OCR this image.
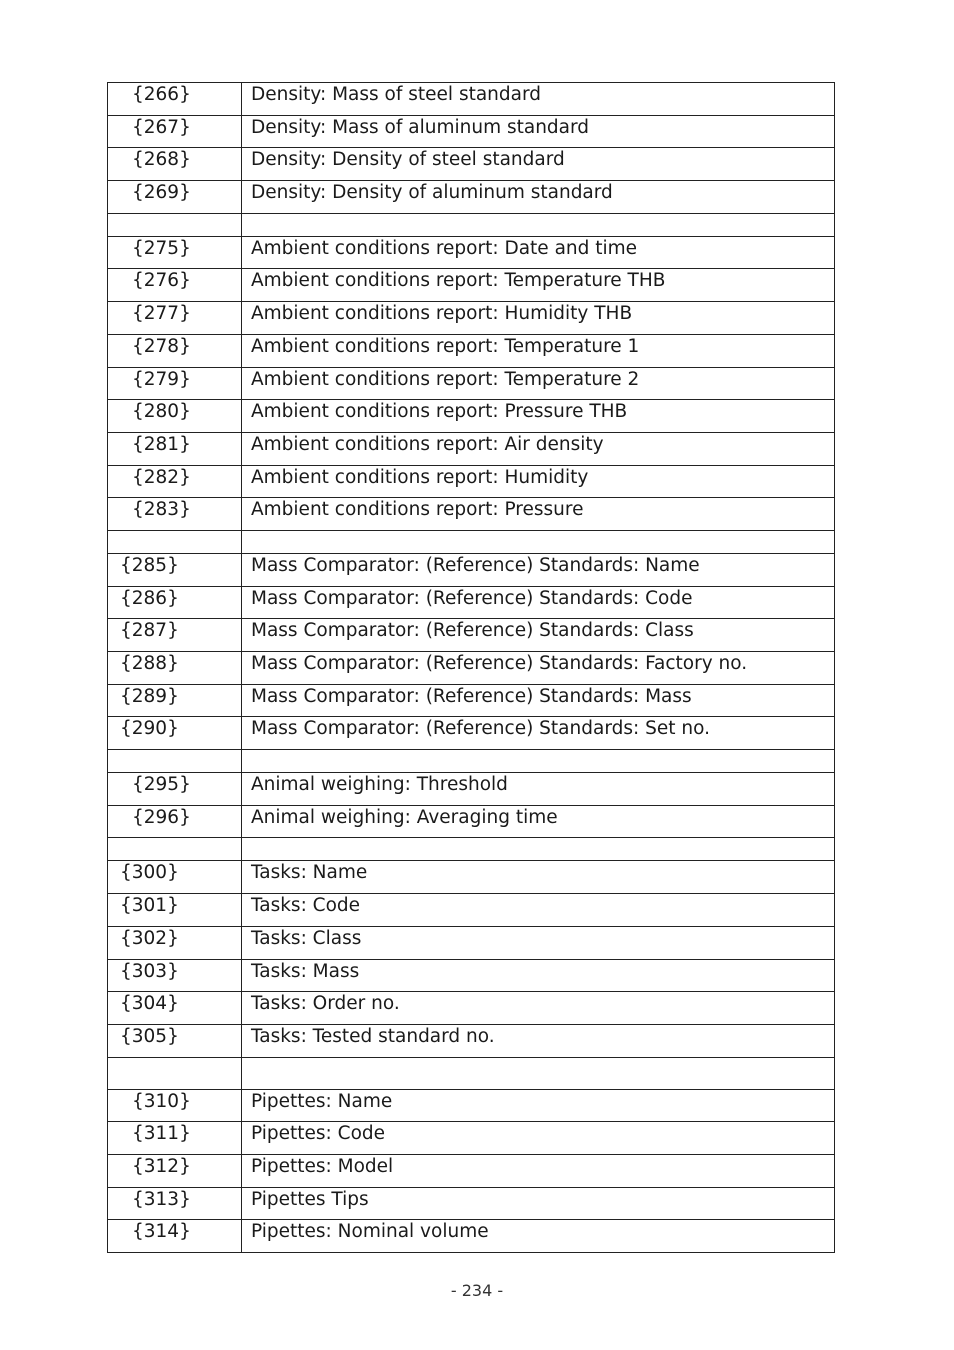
{266}	Density: Mass of steel standard
{267}	Density: Mass of aluminum standard
{268}	Density: Density of steel standard
{269}	Density: Density of aluminum standard

{275}	Ambient conditions report: Date and time
{276}	Ambient conditions report: Temperature THB
{277}	Ambient conditions report: Humidity THB
{278}	Ambient conditions report: Temperature 1
{279}	Ambient conditions report: Temperature 2
{280}	Ambient conditions report: Pressure THB
{281}	Ambient conditions report: Air density
{282}	Ambient conditions report: Humidity
{283}	Ambient conditions report: Pressure

{285}	Mass Comparator: (Reference) Standards: Name
{286}	Mass Comparator: (Reference) Standards: Code
{287}	Mass Comparator: (Reference) Standards: Class
{288}	Mass Comparator: (Reference) Standards: Factory no.
{289}	Mass Comparator: (Reference) Standards: Mass
{290}	Mass Comparator: (Reference) Standards: Set no.

{295}	Animal weighing: Threshold
{296}	Animal weighing: Averaging time

{300}	Tasks: Name
{301}	Tasks: Code
{302}	Tasks: Class
{303}	Tasks: Mass
{304}	Tasks: Order no.
{305}	Tasks: Tested standard no.

{310}	Pipettes: Name
{311}	Pipettes: Code
{312}	Pipettes: Model
{313}	Pipettes Tips
{314}	Pipettes: Nominal volume
- 234 -
